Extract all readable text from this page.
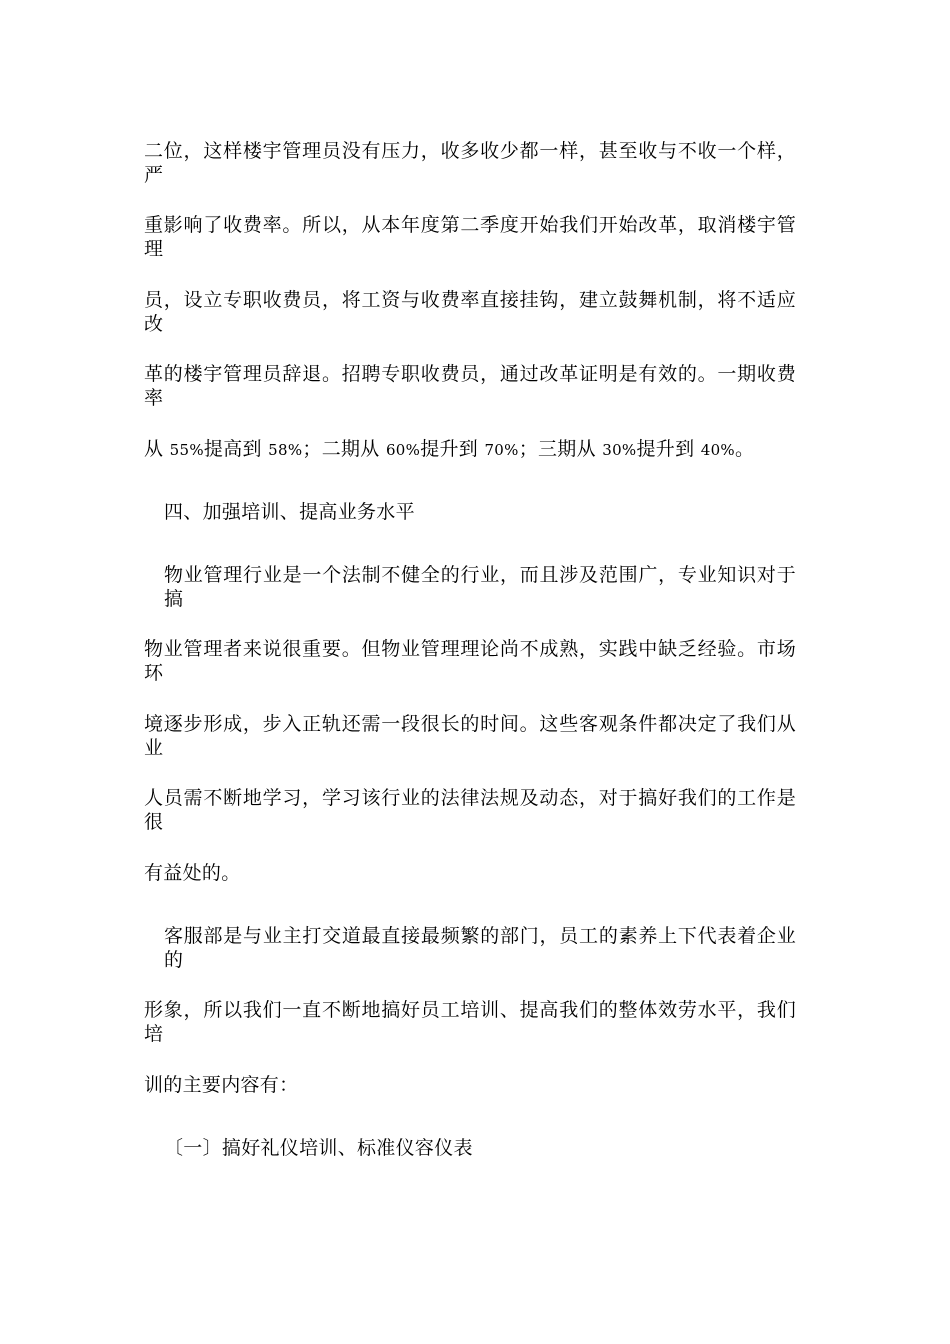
二位，这样楼宇管理员没有压力，收多收少都一样，甚至收与不收一个样，严
重影响了收费率。所以，从本年度第二季度开始我们开始改革，取消楼宇管理
员，设立专职收费员，将工资与收费率直接挂钩，建立鼓舞机制，将不适应改
革的楼宇管理员辞退。招聘专职收费员，通过改革证明是有效的。一期收费率
从 55%提高到 58%；二期从 60%提升到 70%；三期从 30%提升到 40%。
四、加强培训、提高业务水平
物业管理行业是一个法制不健全的行业，而且涉及范围广，专业知识对于搞
物业管理者来说很重要。但物业管理理论尚不成熟，实践中缺乏经验。市场环
境逐步形成，步入正轨还需一段很长的时间。这些客观条件都决定了我们从业
人员需不断地学习，学习该行业的法律法规及动态，对于搞好我们的工作是很
有益处的。
客服部是与业主打交道最直接最频繁的部门，员工的素养上下代表着企业的
形象，所以我们一直不断地搞好员工培训、提高我们的整体效劳水平，我们培
训的主要内容有：
〔一〕搞好礼仪培训、标准仪容仪表
